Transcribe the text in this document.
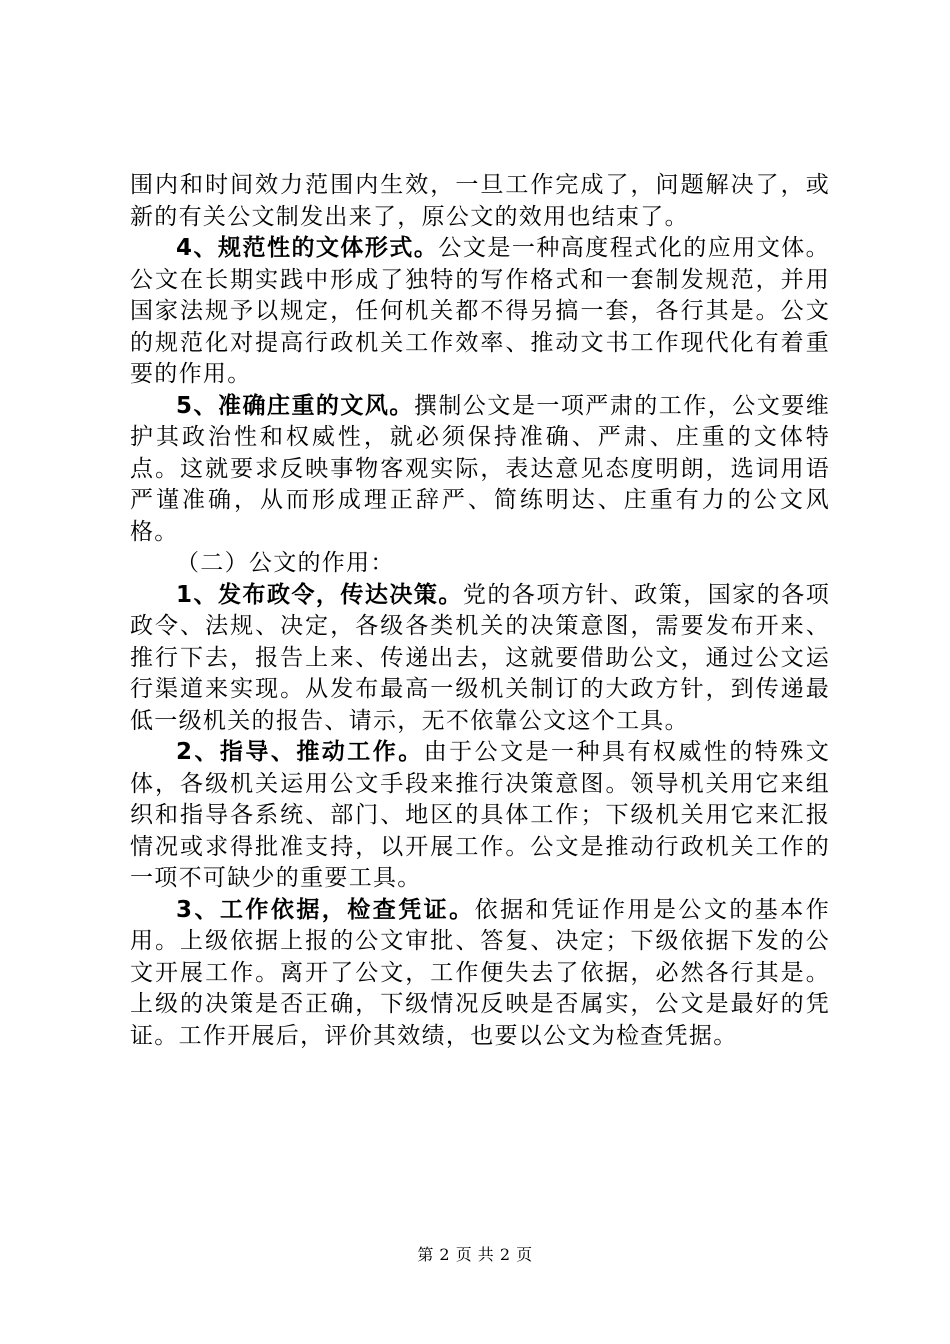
围内和时间效力范围内生效，一旦工作完成了，问题解决了，或新的有关公文制发出来了，原公文的效用也结束了。

4、规范性的文体形式。公文是一种高度程式化的应用文体。公文在长期实践中形成了独特的写作格式和一套制发规范，并用国家法规予以规定，任何机关都不得另搞一套，各行其是。公文的规范化对提高行政机关工作效率、推动文书工作现代化有着重要的作用。

5、准确庄重的文风。撰制公文是一项严肃的工作，公文要维护其政治性和权威性，就必须保持准确、严肃、庄重的文体特点。这就要求反映事物客观实际，表达意见态度明朗，选词用语严谨准确，从而形成理正辞严、简练明达、庄重有力的公文风格。

（二）公文的作用：

1、发布政令，传达决策。党的各项方针、政策，国家的各项政令、法规、决定，各级各类机关的决策意图，需要发布开来、推行下去，报告上来、传递出去，这就要借助公文，通过公文运行渠道来实现。从发布最高一级机关制订的大政方针，到传递最低一级机关的报告、请示，无不依靠公文这个工具。

2、指导、推动工作。由于公文是一种具有权威性的特殊文体，各级机关运用公文手段来推行决策意图。领导机关用它来组织和指导各系统、部门、地区的具体工作；下级机关用它来汇报情况或求得批准支持，以开展工作。公文是推动行政机关工作的一项不可缺少的重要工具。

3、工作依据，检查凭证。依据和凭证作用是公文的基本作用。上级依据上报的公文审批、答复、决定；下级依据下发的公文开展工作。离开了公文，工作便失去了依据，必然各行其是。上级的决策是否正确，下级情况反映是否属实，公文是最好的凭证。工作开展后，评价其效绩，也要以公文为检查凭据。

第 2 页 共 2 页
